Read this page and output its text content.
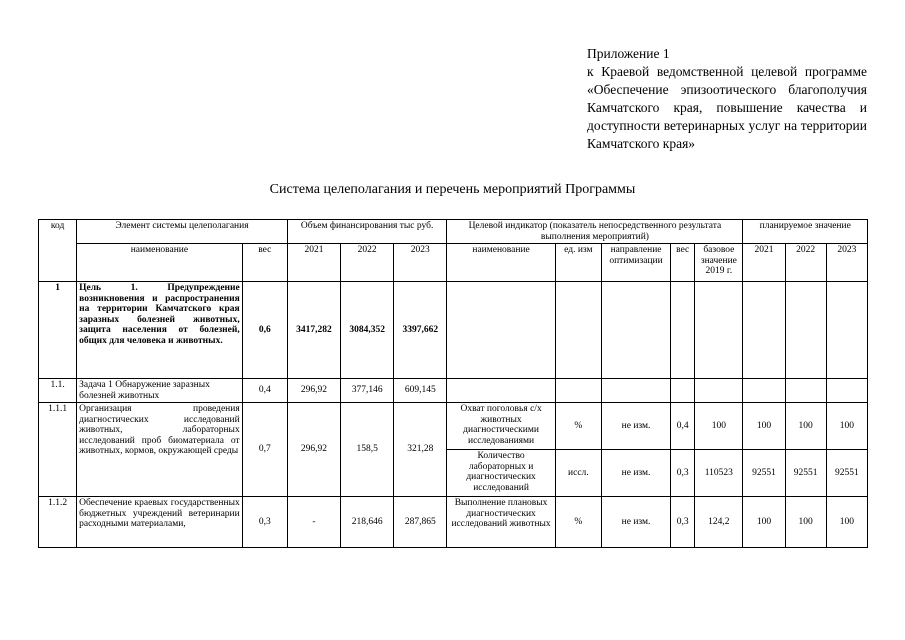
Приложение 1
к Краевой ведомственной целевой программе «Обеспечение эпизоотического благополучия Камчатского края, повышение качества и доступности ветеринарных услуг на территории Камчатского края»
Система целеполагания и перечень мероприятий Программы
код	Элемент системы целеполагания		Объем финансирования тыс руб.			Целевой индикатор (показатель непосредственного результата выполнения мероприятий)					планируемое значение		
	наименование	вес	2021	2022	2023	наименование	ед. изм	направление оптимизации	вес	базовое значение 2019 г.	2021	2022	2023
1	Цель 1. Предупреждение возникновения и распространения на территории Камчатского края заразных болезней животных, защита населения от болезней, общих для человека и животных.	0,6	3417,282	3084,352	3397,662								
1.1.	Задача 1 Обнаружение заразных болезней животных	0,4	296,92	377,146	609,145								
1.1.1	Организация проведения диагностических исследований животных, лабораторных исследований проб биоматериала от животных, кормов, окружающей среды	0,7	296,92	158,5	321,28	Охват поголовья с/х животных диагностическими исследованиями	%	не изм.	0,4	100	100	100	100

						Количество лабораторных и диагностических исследований	иссл.	не изм.	0,3	110523	92551	92551	92551
1.1.2	Обеспечение краевых государственных бюджетных учреждений ветеринарии расходными материалами,	0,3	-	218,646	287,865	Выполнение плановых диагностических исследований животных	%	не изм.	0,3	124,2	100	100	100
